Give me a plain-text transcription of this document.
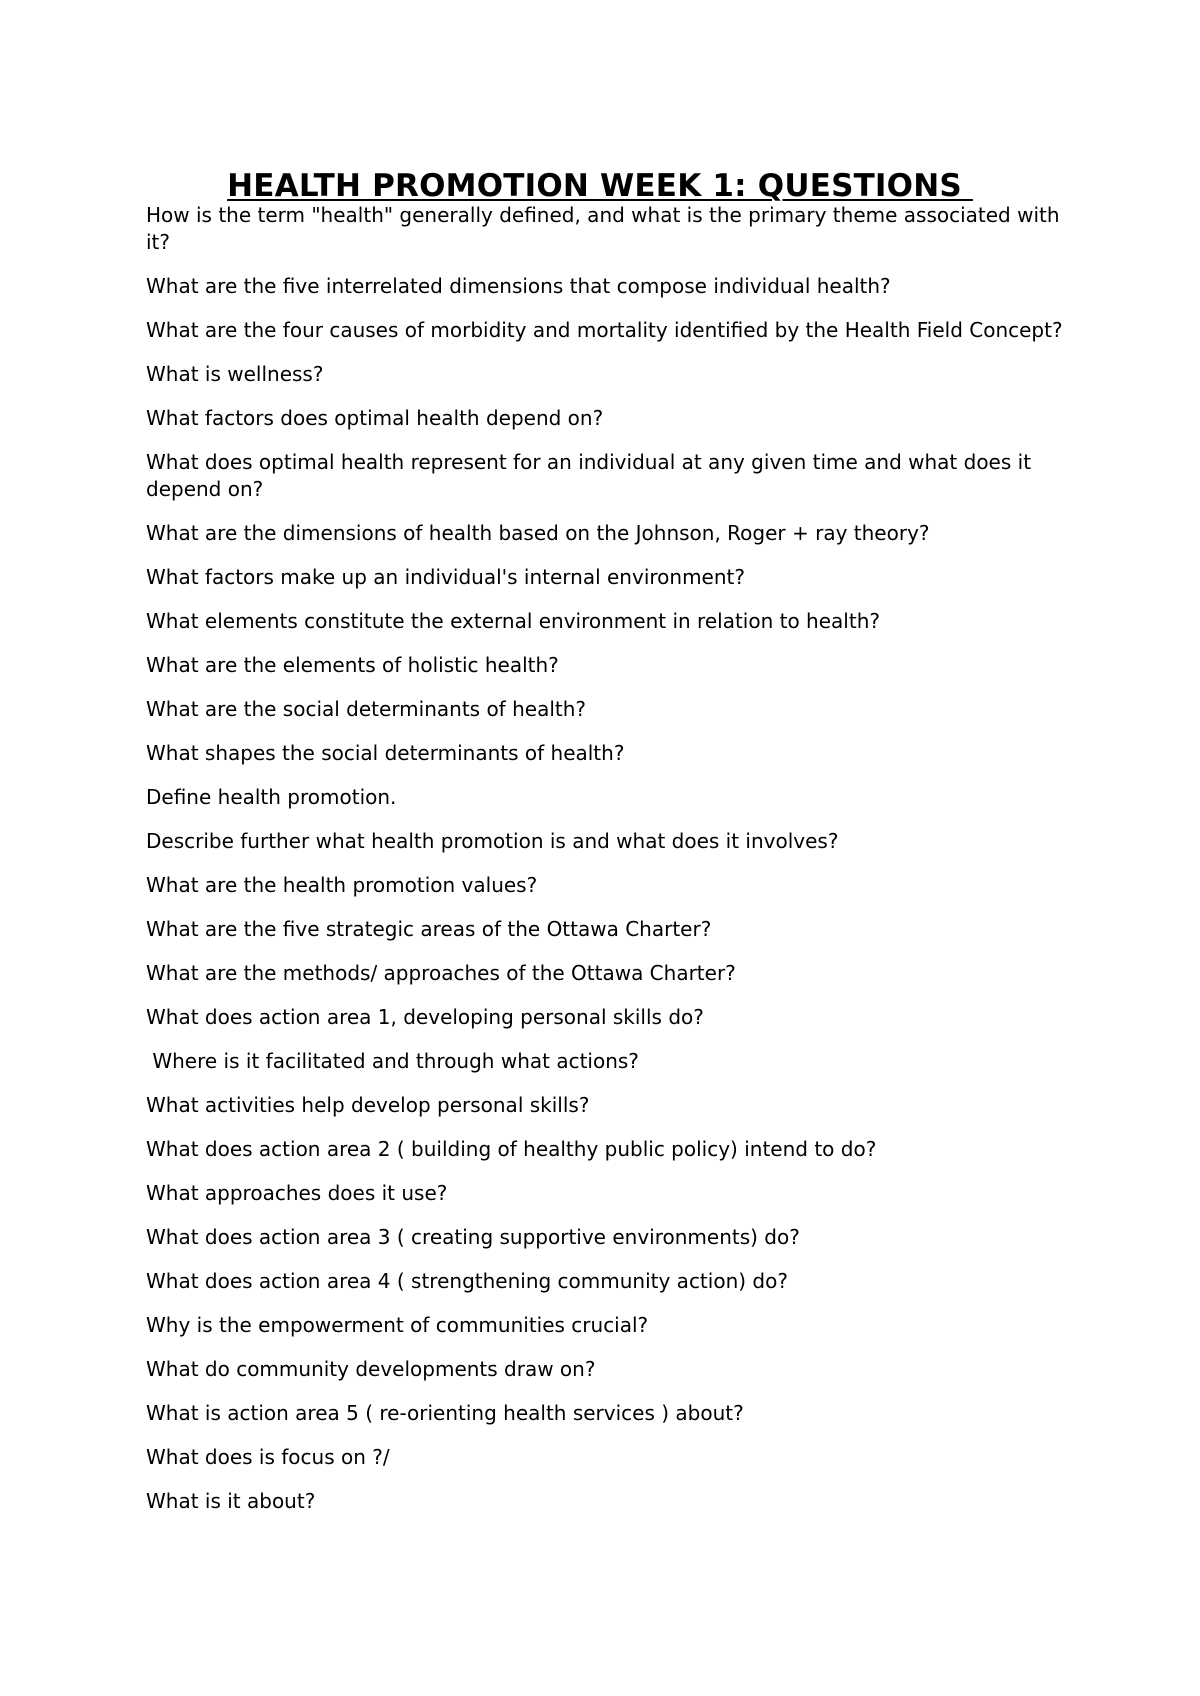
HEALTH PROMOTION WEEK 1: QUESTIONS
How is the term "health" generally defined, and what is the primary theme associated with it?
What are the five interrelated dimensions that compose individual health?
What are the four causes of morbidity and mortality identified by the Health Field Concept?
What is wellness?
What factors does optimal health depend on?
What does optimal health represent for an individual at any given time and what does it depend on?
What are the dimensions of health based on the Johnson, Roger + ray theory?
What factors make up an individual's internal environment?
What elements constitute the external environment in relation to health?
What are the elements of holistic health?
What are the social determinants of health?
What shapes the social determinants of health?
Define health promotion.
Describe further what health promotion is and what does it involves?
What are the health promotion values?
What are the five strategic areas of the Ottawa Charter?
What are the methods/ approaches of the Ottawa Charter?
What does action area 1, developing personal skills do?
Where is it facilitated and through what actions?
What activities help develop personal skills?
What does action area 2 ( building of healthy public policy) intend to do?
What approaches does it use?
What does action area 3 ( creating supportive environments) do?
What does action area 4 ( strengthening community action) do?
Why is the empowerment of communities crucial?
What do community developments draw on?
What is action area 5 ( re-orienting health services ) about?
What does is focus on ?/
What is it about?
